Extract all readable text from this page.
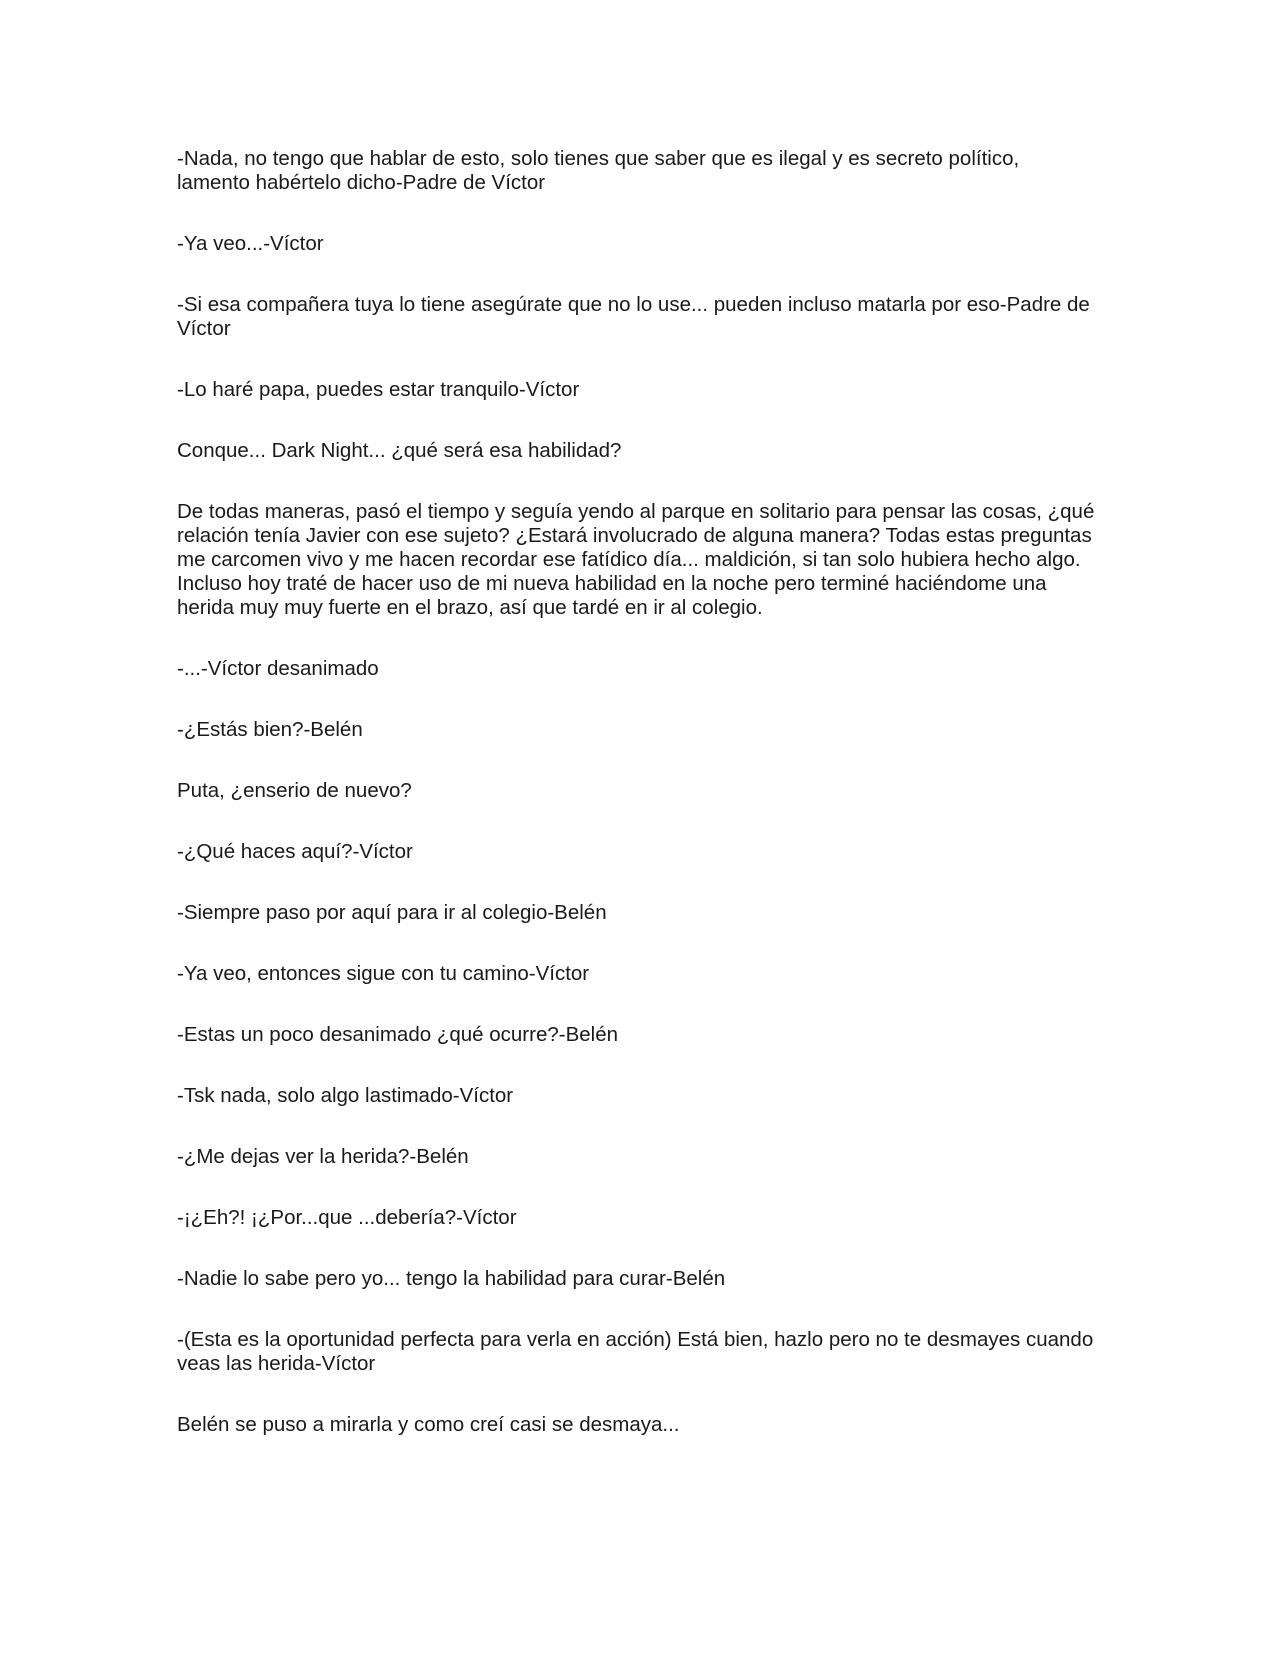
-Nada, no tengo que hablar de esto, solo tienes que saber que es ilegal y es secreto político, lamento habértelo dicho-Padre de Víctor

-Ya veo...-Víctor

-Si esa compañera tuya lo tiene asegúrate que no lo use... pueden incluso matarla por eso-Padre de Víctor

-Lo haré papa, puedes estar tranquilo-Víctor

Conque... Dark Night... ¿qué será esa habilidad?

De todas maneras, pasó el tiempo y seguía yendo al parque en solitario para pensar las cosas, ¿qué relación tenía Javier con ese sujeto? ¿Estará involucrado de alguna manera? Todas estas preguntas me carcomen vivo y me hacen recordar ese fatídico día... maldición, si tan solo hubiera hecho algo. Incluso hoy traté de hacer uso de mi nueva habilidad en la noche pero terminé haciéndome una herida muy muy fuerte en el brazo, así que tardé en ir al colegio.

-...-Víctor desanimado

-¿Estás bien?-Belén

Puta, ¿enserio de nuevo?

-¿Qué haces aquí?-Víctor

-Siempre paso por aquí para ir al colegio-Belén

-Ya veo, entonces sigue con tu camino-Víctor

-Estas un poco desanimado ¿qué ocurre?-Belén

-Tsk nada, solo algo lastimado-Víctor

-¿Me dejas ver la herida?-Belén

-¡¿Eh?! ¡¿Por...que ...debería?-Víctor

-Nadie lo sabe pero yo... tengo la habilidad para curar-Belén

-(Esta es la oportunidad perfecta para verla en acción) Está bien, hazlo pero no te desmayes cuando veas las herida-Víctor

Belén se puso a mirarla y como creí casi se desmaya...
